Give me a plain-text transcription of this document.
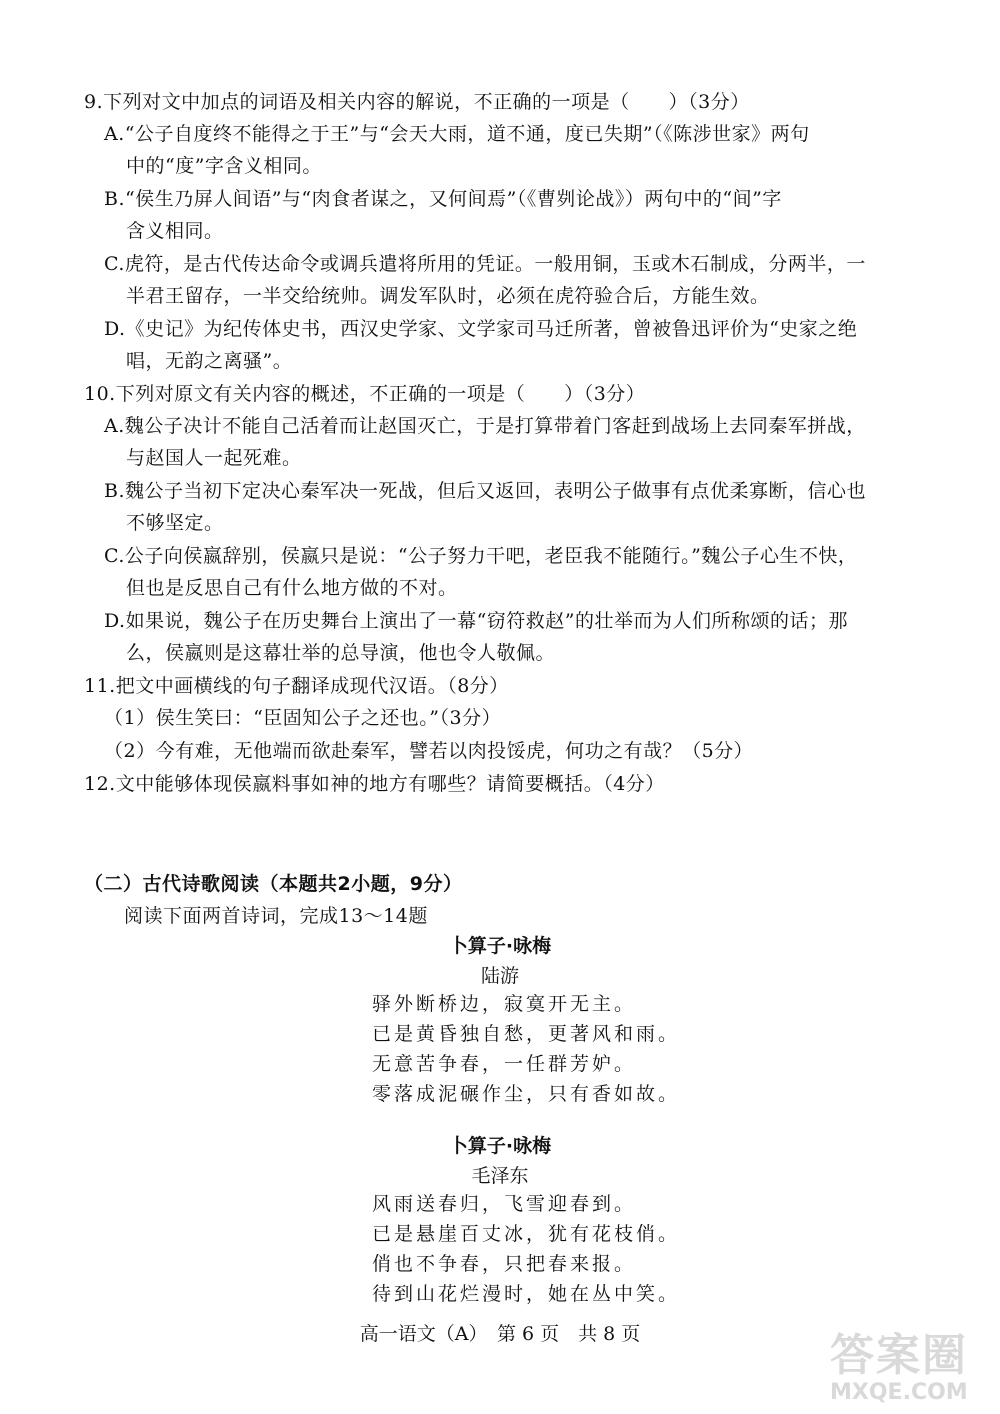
9.下列对文中加点的词语及相关内容的解说，不正确的一项是（　　）（3分）
A.“公子自度终不能得之于王”与“会天大雨，道不通，度已失期”（《陈涉世家》两句
中的“度”字含义相同。
B.“侯生乃屏人间语”与“肉食者谋之，又何间焉”（《曹刿论战》）两句中的“间”字
含义相同。
C.虎符，是古代传达命令或调兵遣将所用的凭证。一般用铜，玉或木石制成，分两半，一
半君王留存，一半交给统帅。调发军队时，必须在虎符验合后，方能生效。
D.《史记》为纪传体史书，西汉史学家、文学家司马迁所著，曾被鲁迅评价为“史家之绝
唱，无韵之离骚”。
10.下列对原文有关内容的概述，不正确的一项是（　　）（3分）
A.魏公子决计不能自己活着而让赵国灭亡，于是打算带着门客赶到战场上去同秦军拼战，
与赵国人一起死难。
B.魏公子当初下定决心秦军决一死战，但后又返回，表明公子做事有点优柔寡断，信心也
不够坚定。
C.公子向侯嬴辞别，侯嬴只是说：“公子努力干吧，老臣我不能随行。”魏公子心生不快，
但也是反思自己有什么地方做的不对。
D.如果说，魏公子在历史舞台上演出了一幕“窃符救赵”的壮举而为人们所称颂的话；那
么，侯嬴则是这幕壮举的总导演，他也令人敬佩。
11.把文中画横线的句子翻译成现代汉语。（8分）
（1）侯生笑曰：“臣固知公子之还也。”（3分）
（2）今有难，无他端而欲赴秦军，譬若以肉投馁虎，何功之有哉？（5分）
12.文中能够体现侯嬴料事如神的地方有哪些？请简要概括。（4分）
（二）古代诗歌阅读（本题共2小题，9分）
阅读下面两首诗词，完成13～14题
卜算子·咏梅
陆游
驿外断桥边，寂寞开无主。
已是黄昏独自愁，更著风和雨。
无意苦争春，一任群芳妒。
零落成泥碾作尘，只有香如故。
卜算子·咏梅
毛泽东
风雨送春归，飞雪迎春到。
已是悬崖百丈冰，犹有花枝俏。
俏也不争春，只把春来报。
待到山花烂漫时，她在丛中笑。
高一语文（A）　第 6 页　共 8 页	答案圈
MXQE.COM
